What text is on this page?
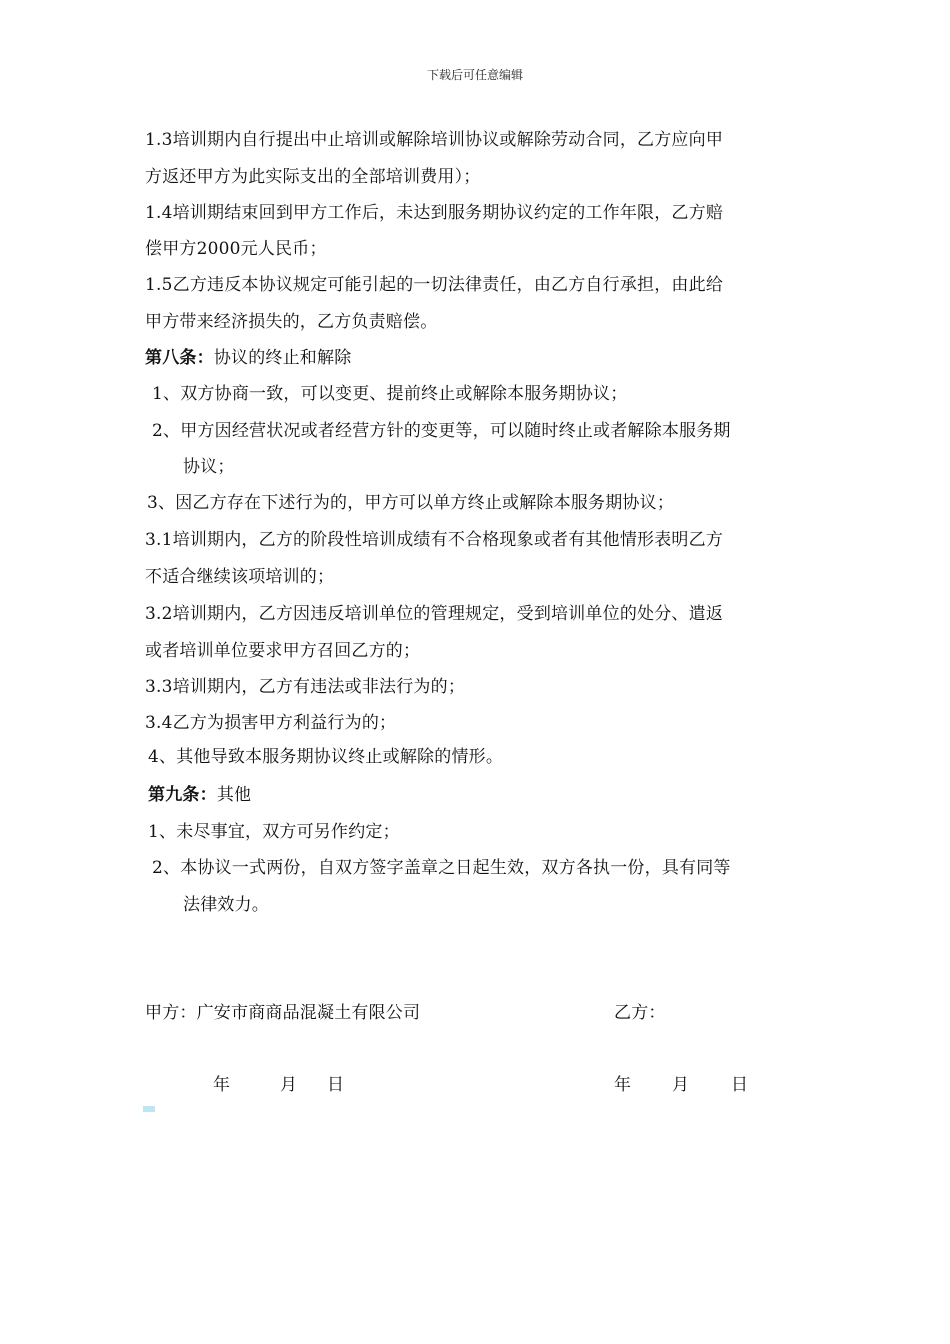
下载后可任意编辑
1.3培训期内自行提出中止培训或解除培训协议或解除劳动合同，乙方应向甲
方返还甲方为此实际支出的全部培训费用）；
1.4培训期结束回到甲方工作后，未达到服务期协议约定的工作年限，乙方赔
偿甲方2000元人民币；
1.5乙方违反本协议规定可能引起的一切法律责任，由乙方自行承担，由此给
甲方带来经济损失的，乙方负责赔偿。
第八条：协议的终止和解除
1、双方协商一致，可以变更、提前终止或解除本服务期协议；
2、甲方因经营状况或者经营方针的变更等，可以随时终止或者解除本服务期
协议；
3、因乙方存在下述行为的，甲方可以单方终止或解除本服务期协议；
3.1培训期内，乙方的阶段性培训成绩有不合格现象或者有其他情形表明乙方
不适合继续该项培训的；
3.2培训期内，乙方因违反培训单位的管理规定，受到培训单位的处分、遣返
或者培训单位要求甲方召回乙方的；
3.3培训期内，乙方有违法或非法行为的；
3.4乙方为损害甲方利益行为的；
4、其他导致本服务期协议终止或解除的情形。
第九条：其他
1、未尽事宜，双方可另作约定；
2、本协议一式两份，自双方签字盖章之日起生效，双方各执一份，具有同等
法律效力。
甲方：广安市商商品混凝土有限公司	乙方：
年	月 日	年 月 日
